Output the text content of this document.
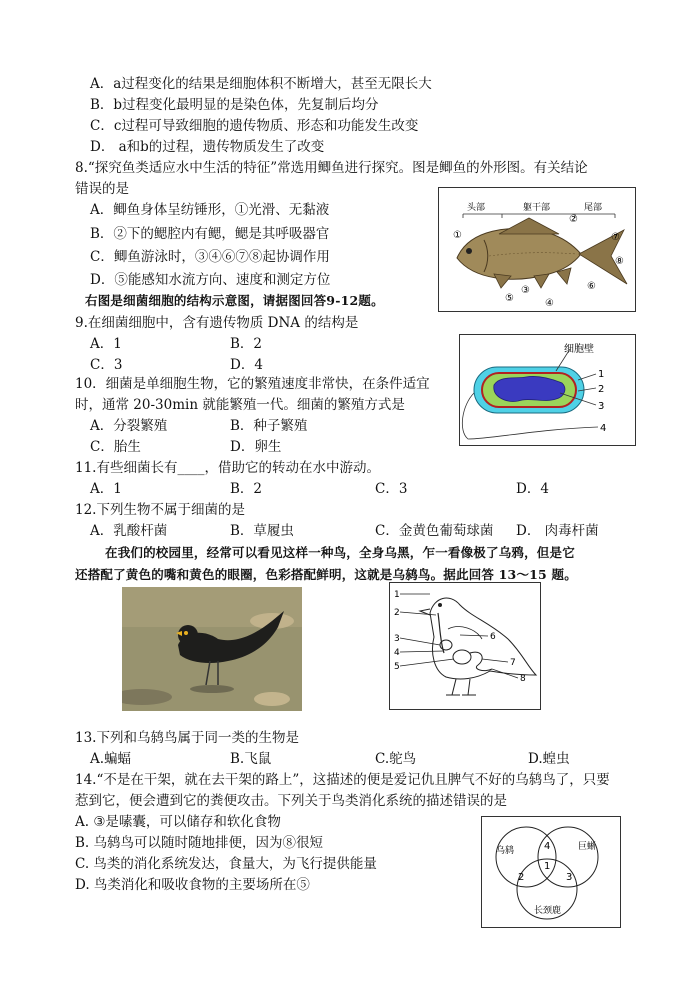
A．a过程变化的结果是细胞体积不断增大，甚至无限长大
B．b过程变化最明显的是染色体，先复制后均分
C．c过程可导致细胞的遗传物质、形态和功能发生改变
D． a和b的过程，遗传物质发生了改变
8.“探究鱼类适应水中生活的特征”常选用鲫鱼进行探究。图是鲫鱼的外形图。有关结论
错误的是
A．鲫鱼身体呈纺锤形，①光滑、无黏液
B．②下的鳃腔内有鳃，鳃是其呼吸器官
C．鲫鱼游泳时，③④⑥⑦⑧起协调作用
D．⑤能感知水流方向、速度和测定方位
头部	躯干部	尾部
①
②
③
④
⑤
⑥
⑦
⑧
右图是细菌细胞的结构示意图，请据图回答9-12题。
9.在细菌细胞中，含有遗传物质 DNA 的结构是
A．1	B．2
C．3	D．4
细胞壁
1
2
3
4
10．细菌是单细胞生物，它的繁殖速度非常快，在条件适宜
时，通常 20-30min 就能繁殖一代。细菌的繁殖方式是
A．分裂繁殖	B．种子繁殖
C．胎生	D．卵生
11.有些细菌长有____，借助它的转动在水中游动。
A．1	B．2	C．3	D．4
12.下列生物不属于细菌的是
A．乳酸杆菌	B．草履虫	C．金黄色葡萄球菌 D． 肉毒杆菌
在我们的校园里，经常可以看见这样一种鸟，全身乌黑，乍一看像极了乌鸦，但是它
还搭配了黄色的嘴和黄色的眼圈，色彩搭配鲜明，这就是乌鸫鸟。据此回答 13～15 题。
1
2
3
4
5
6
7
8
13.下列和乌鸫鸟属于同一类的生物是
A.蝙蝠	B.飞鼠	C.鸵鸟	D.蝗虫
14.“不是在干架，就在去干架的路上”，这描述的便是爱记仇且脾气不好的乌鸫鸟了，只要
惹到它，便会遭到它的粪便攻击。下列关于鸟类消化系统的描述错误的是
A. ③是嗉囊，可以储存和软化食物
B. 乌鸫鸟可以随时随地排便，因为⑧很短
C. 鸟类的消化系统发达，食量大，为飞行提供能量
D. 鸟类消化和吸收食物的主要场所在⑤
乌鸫	巨蜥
长颈鹿
1
2	3
4
